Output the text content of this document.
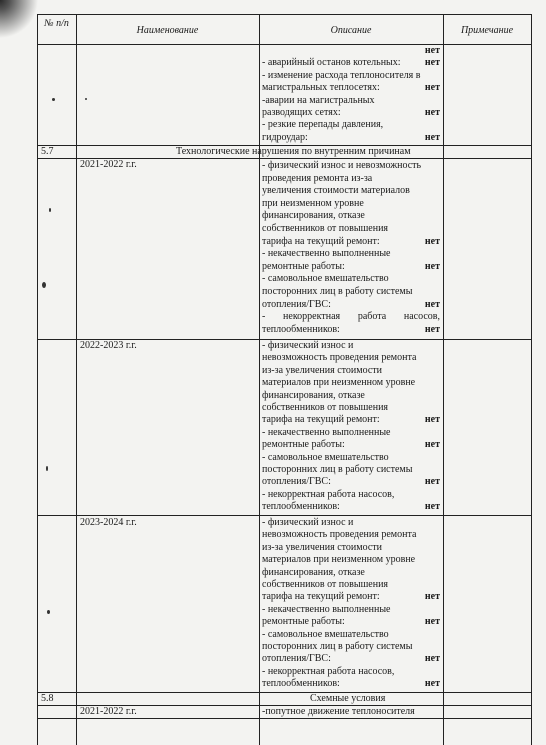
№ п/п
Наименование	Описание	Примечание
нет
- аварийный останов котельных: нет
- изменение расхода теплоносителя в
магистральных теплосетях:	нет
-аварии на магистральных
разводящих сетях:	нет
- резкие перепады давления,
гидроудар:	нет
5.7	Технологические нарушения по внутренним причинам
2021-2022 г.г.	- физический износ и невозможность
проведения ремонта из-за
увеличения стоимости материалов
при неизменном уровне
финансирования, отказе
собственников от повышения
тарифа на текущий ремонт:	нет
- некачественно выполненные
ремонтные работы:	нет
- самовольное вмешательство
посторонних лиц в работу системы
отопления/ГВС:	нет
- некорректная работа насосов,
теплообменников:	нет
2022-2023 г.г.	- физический износ и
невозможность проведения ремонта
из-за увеличения стоимости
материалов при неизменном уровне
финансирования, отказе
собственников от повышения
тарифа на текущий ремонт:	нет
- некачественно выполненные
ремонтные работы:	нет
- самовольное вмешательство
посторонних лиц в работу системы
отопления/ГВС:	нет
- некорректная работа насосов,
теплообменников:	нет
2023-2024 г.г.	- физический износ и
невозможность проведения ремонта
из-за увеличения стоимости
материалов при неизменном уровне
финансирования, отказе
собственников от повышения
тарифа на текущий ремонт:	нет
- некачественно выполненные
ремонтные работы:	нет
- самовольное вмешательство
посторонних лиц в работу системы
отопления/ГВС:	нет
- некорректная работа насосов,
теплообменников:	нет
5.8	Схемные условия
2021-2022 г.г.	-попутное движение теплоносителя
